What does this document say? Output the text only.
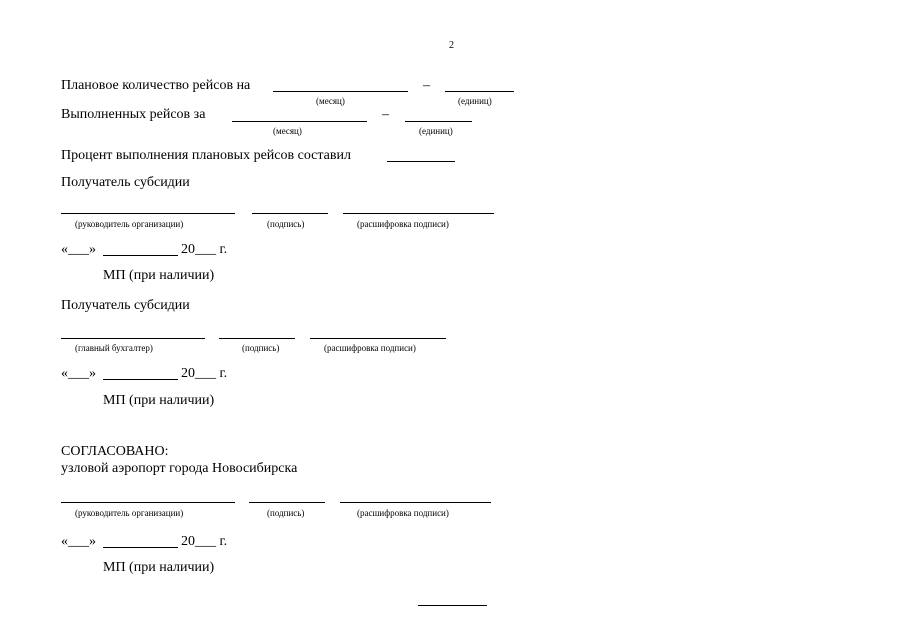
2
Плановое количество рейсов на	–
(месяц)	(единиц)
Выполненных рейсов за	–
(месяц)	(единиц)
Процент выполнения плановых рейсов составил
Получатель субсидии
(руководитель организации)	(подпись)	(расшифровка подписи)
«___»	20___ г.
МП (при наличии)
Получатель субсидии
(главный бухгалтер)	(подпись)	(расшифровка подписи)
«___»	20___ г.
МП (при наличии)
СОГЛАСОВАНО:
узловой аэропорт города Новосибирска
(руководитель организации)	(подпись)	(расшифровка подписи)
«___»	20___ г.
МП (при наличии)
